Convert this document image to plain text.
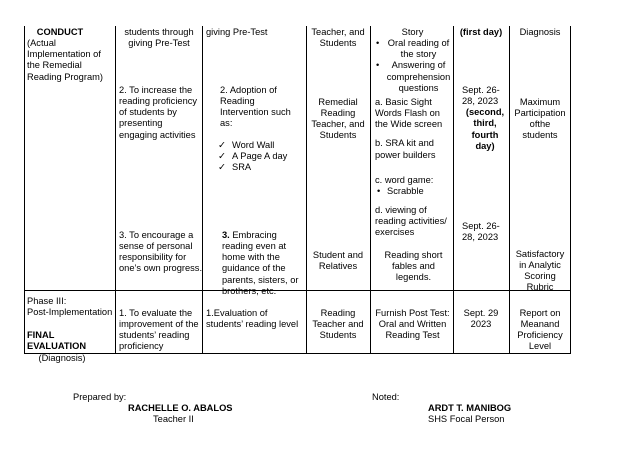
CONDUCT
(Actual Implementation of the Remedial Reading Program)
students through giving Pre-Test
giving Pre-Test	Teacher, and Students
Story
• Oral reading of the story
• Answering of comprehension questions
(first day)	Diagnosis
2. To increase the reading proficiency of students by presenting engaging activities
2. Adoption of Reading Intervention such as:
✓ Word Wall
✓ A Page A day
✓ SRA
Remedial Reading Teacher, and Students

a. Basic Sight Words Flash on the Wide screen

b. SRA kit and power builders

c. word game:

• Scrabble

d. viewing of reading activities/ exercises

Sept. 26-28, 2023
(second, third, fourth day)
Maximum Participation ofthe students
3. To encourage a sense of personal responsibility for one’s own progress.
3. Embracing reading even at home with the guidance of the parents, sisters, or brothers, etc.
Student and Relatives
Reading short fables and legends.
Sept. 26-28, 2023
Satisfactory in Analytic Scoring Rubric
Phase III:
Post-Implementation
FINAL EVALUATION
(Diagnosis)
1. To evaluate the improvement of the students’ reading proficiency
1.Evaluation of students’ reading level
Reading Teacher and Students
Furnish Post Test: Oral and Written Reading Test
Sept. 29 2023
Report on Meanand Proficiency Level
Prepared by:
RACHELLE O. ABALOS
Teacher II
Noted:
ARDT T. MANIBOG
SHS Focal Person
